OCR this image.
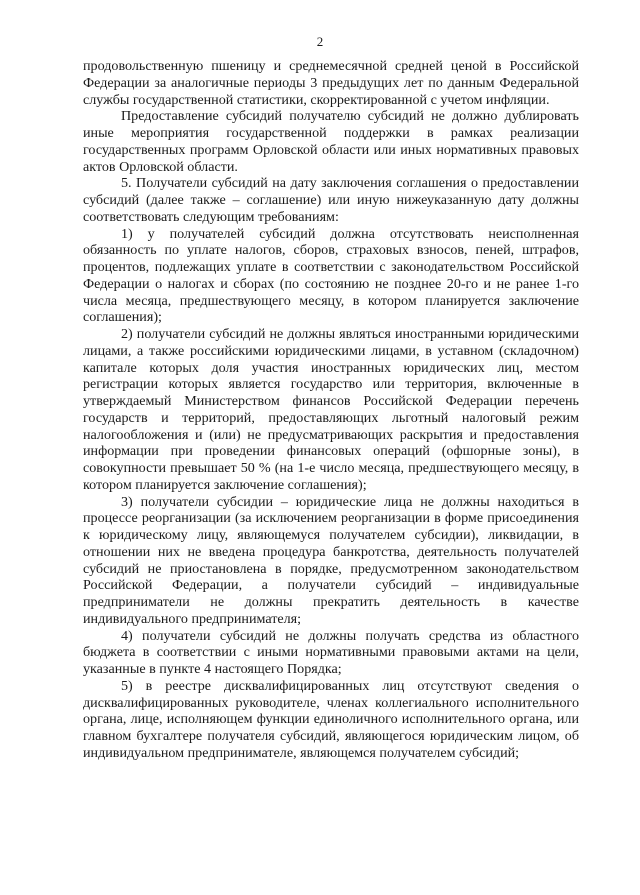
2

продовольственную пшеницу и среднемесячной средней ценой в Российской Федерации за аналогичные периоды 3 предыдущих лет по данным Федеральной службы государственной статистики, скорректированной с учетом инфляции.

Предоставление субсидий получателю субсидий не должно дублировать иные мероприятия государственной поддержки в рамках реализации государственных программ Орловской области или иных нормативных правовых актов Орловской области.

5. Получатели субсидий на дату заключения соглашения о предоставлении субсидий (далее также – соглашение) или иную нижеуказанную дату должны соответствовать следующим требованиям:

1) у получателей субсидий должна отсутствовать неисполненная обязанность по уплате налогов, сборов, страховых взносов, пеней, штрафов, процентов, подлежащих уплате в соответствии с законодательством Российской Федерации о налогах и сборах (по состоянию не позднее 20-го и не ранее 1-го числа месяца, предшествующего месяцу, в котором планируется заключение соглашения);

2) получатели субсидий не должны являться иностранными юридическими лицами, а также российскими юридическими лицами, в уставном (складочном) капитале которых доля участия иностранных юридических лиц, местом регистрации которых является государство или территория, включенные в утверждаемый Министерством финансов Российской Федерации перечень государств и территорий, предоставляющих льготный налоговый режим налогообложения и (или) не предусматривающих раскрытия и предоставления информации при проведении финансовых операций (офшорные зоны), в совокупности превышает 50 % (на 1-е число месяца, предшествующего месяцу, в котором планируется заключение соглашения);

3) получатели субсидии – юридические лица не должны находиться в процессе реорганизации (за исключением реорганизации в форме присоединения к юридическому лицу, являющемуся получателем субсидии), ликвидации, в отношении них не введена процедура банкротства, деятельность получателей субсидий не приостановлена в порядке, предусмотренном законодательством Российской Федерации, а получатели субсидий – индивидуальные предприниматели не должны прекратить деятельность в качестве индивидуального предпринимателя;

4) получатели субсидий не должны получать средства из областного бюджета в соответствии с иными нормативными правовыми актами на цели, указанные в пункте 4 настоящего Порядка;

5) в реестре дисквалифицированных лиц отсутствуют сведения о дисквалифицированных руководителе, членах коллегиального исполнительного органа, лице, исполняющем функции единоличного исполнительного органа, или главном бухгалтере получателя субсидий, являющегося юридическим лицом, об индивидуальном предпринимателе, являющемся получателем субсидий;
